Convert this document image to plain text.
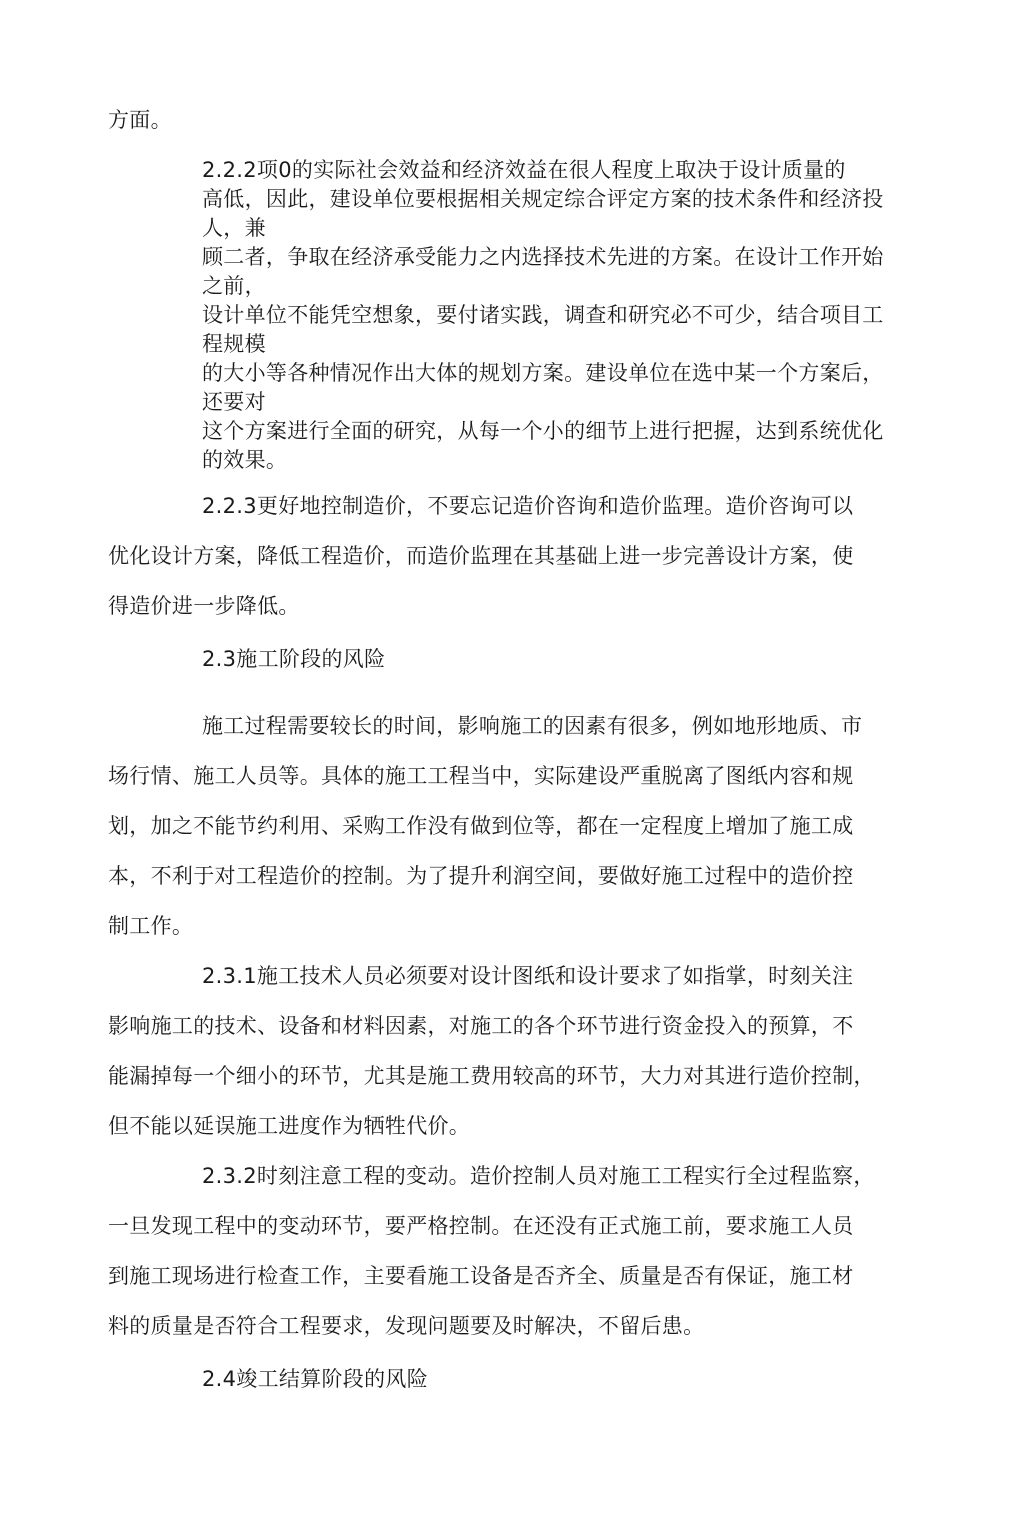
方面。
2.2.2项0的实际社会效益和经济效益在很人程度上取决于设计质量的
高低，因此，建设单位要根据相关规定综合评定方案的技术条件和经济投
人，兼
顾二者，争取在经济承受能力之内选择技术先进的方案。在设计工作开始
之前，
设计单位不能凭空想象，要付诸实践，调查和研究必不可少，结合项目工
程规模
的大小等各种情况作出大体的规划方案。建设单位在选中某一个方案后，
还要对
这个方案进行全面的研究，从每一个小的细节上进行把握，达到系统优化
的效果。
2.2.3更好地控制造价，不要忘记造价咨询和造价监理。造价咨询可以
优化设计方案，降低工程造价，而造价监理在其基础上进一步完善设计方案，使
得造价进一步降低。
2.3施工阶段的风险
施工过程需要较长的时间，影响施工的因素有很多，例如地形地质、市
场行情、施工人员等。具体的施工工程当中，实际建设严重脱离了图纸内容和规
划，加之不能节约利用、采购工作没有做到位等，都在一定程度上增加了施工成
本，不利于对工程造价的控制。为了提升利润空间，要做好施工过程中的造价控
制工作。
2.3.1施工技术人员必须要对设计图纸和设计要求了如指掌，时刻关注
影响施工的技术、设备和材料因素，对施工的各个环节进行资金投入的预算，不
能漏掉每一个细小的环节，尤其是施工费用较高的环节，大力对其进行造价控制，
但不能以延误施工进度作为牺牲代价。
2.3.2时刻注意工程的变动。造价控制人员对施工工程实行全过程监察，
一旦发现工程中的变动环节，要严格控制。在还没有正式施工前，要求施工人员
到施工现场进行检查工作，主要看施工设备是否齐全、质量是否有保证，施工材
料的质量是否符合工程要求，发现问题要及时解决，不留后患。
2.4竣工结算阶段的风险
